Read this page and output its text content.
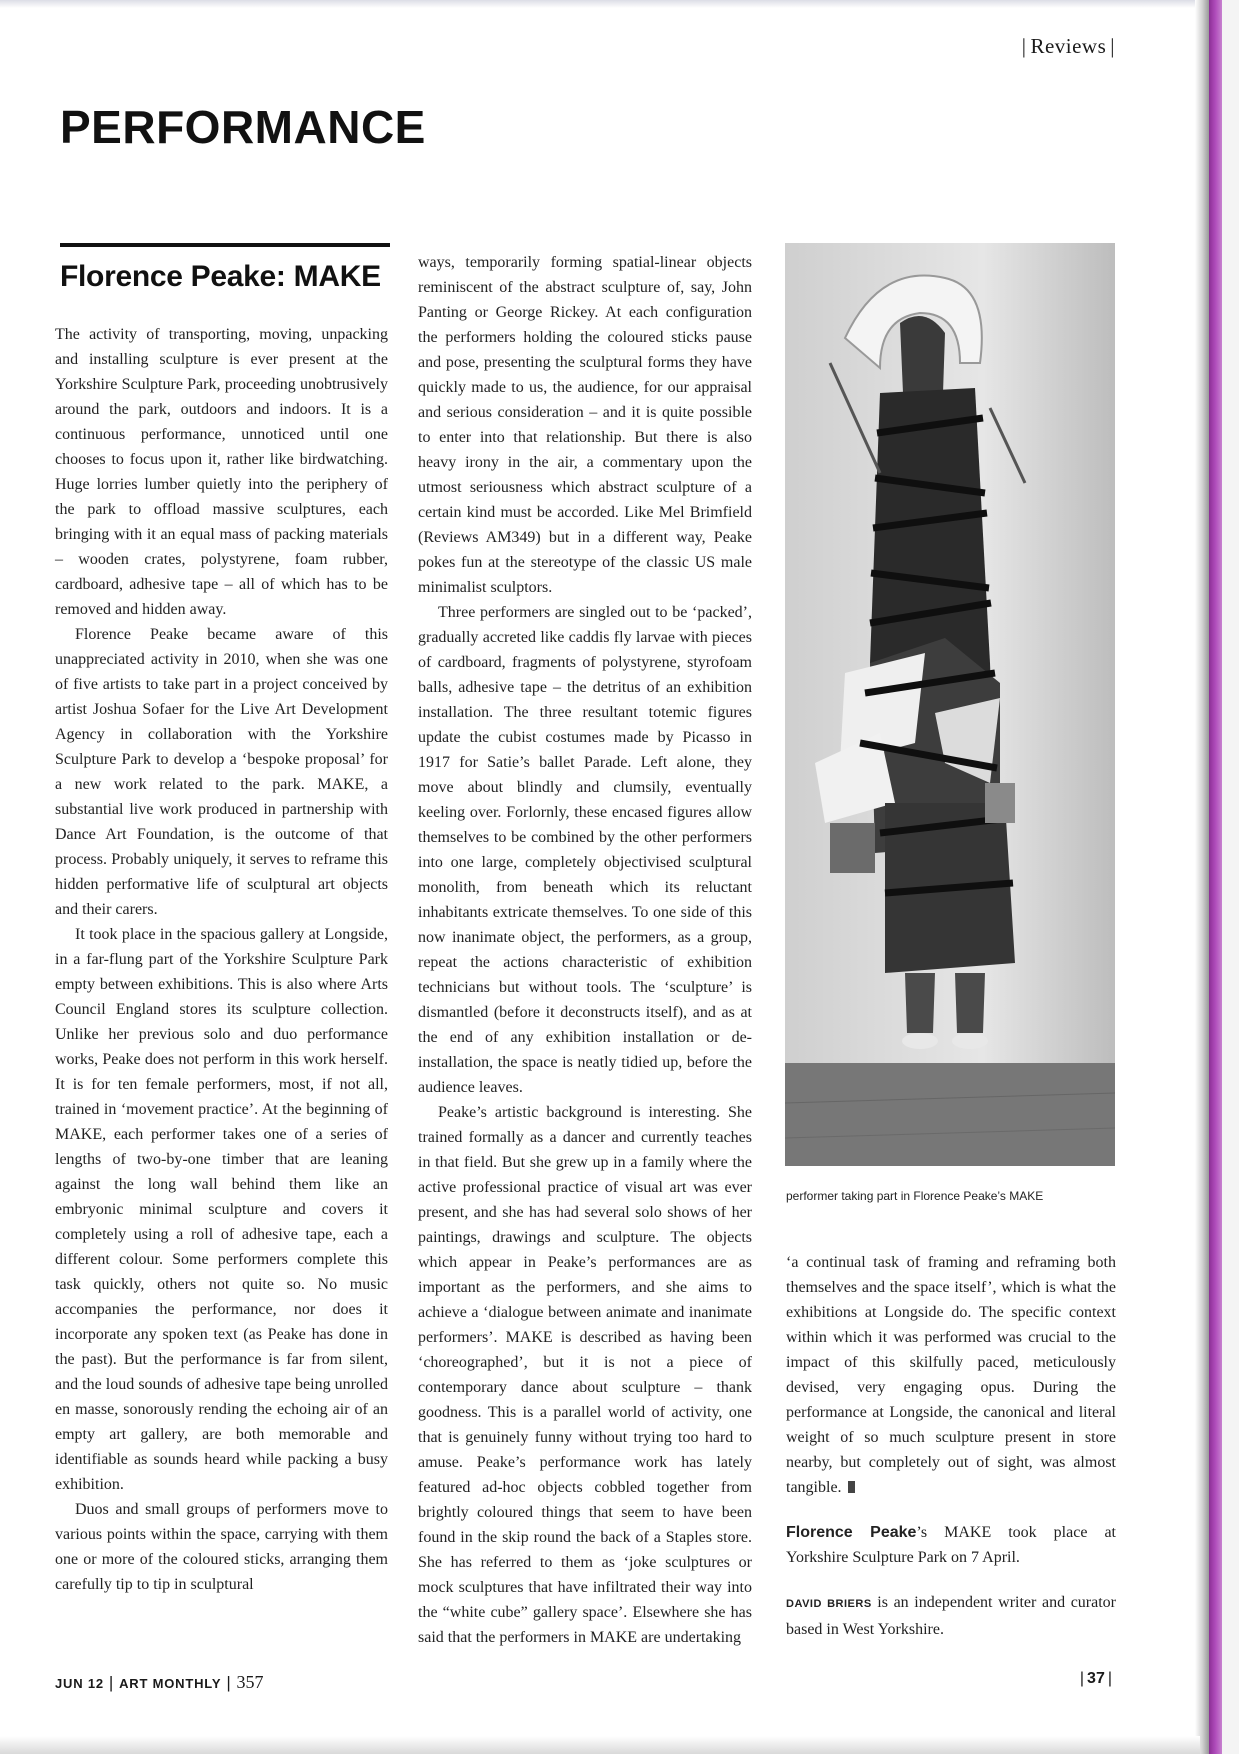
| Reviews |
PERFORMANCE
Florence Peake: MAKE

The activity of transporting, moving, unpacking and installing sculpture is ever present at the Yorkshire Sculpture Park, proceeding unobtrusively around the park, outdoors and indoors. It is a continuous performance, unnoticed until one chooses to focus upon it, rather like birdwatching. Huge lorries lumber quietly into the periphery of the park to offload massive sculptures, each bringing with it an equal mass of packing materials – wooden crates, polystyrene, foam rubber, cardboard, adhesive tape – all of which has to be removed and hidden away.

Florence Peake became aware of this unappreciated activity in 2010, when she was one of five artists to take part in a project conceived by artist Joshua Sofaer for the Live Art Development Agency in collaboration with the Yorkshire Sculpture Park to develop a ‘bespoke proposal’ for a new work related to the park. MAKE, a substantial live work produced in partnership with Dance Art Foundation, is the outcome of that process. Probably uniquely, it serves to reframe this hidden performative life of sculptural art objects and their carers.

It took place in the spacious gallery at Longside, in a far-flung part of the Yorkshire Sculpture Park empty between exhibitions. This is also where Arts Council England stores its sculpture collection. Unlike her previous solo and duo performance works, Peake does not perform in this work herself. It is for ten female performers, most, if not all, trained in ‘movement practice’. At the beginning of MAKE, each performer takes one of a series of lengths of two-by-one timber that are leaning against the long wall behind them like an embryonic minimal sculpture and covers it completely using a roll of adhesive tape, each a different colour. Some performers complete this task quickly, others not quite so. No music accompanies the performance, nor does it incorporate any spoken text (as Peake has done in the past). But the performance is far from silent, and the loud sounds of adhesive tape being unrolled en masse, sonorously rending the echoing air of an empty art gallery, are both memorable and identifiable as sounds heard while packing a busy exhibition.

Duos and small groups of performers move to various points within the space, carrying with them one or more of the coloured sticks, arranging them carefully tip to tip in sculptural

ways, temporarily forming spatial-linear objects reminiscent of the abstract sculpture of, say, John Panting or George Rickey. At each configuration the performers holding the coloured sticks pause and pose, presenting the sculptural forms they have quickly made to us, the audience, for our appraisal and serious consideration – and it is quite possible to enter into that relationship. But there is also heavy irony in the air, a commentary upon the utmost seriousness which abstract sculpture of a certain kind must be accorded. Like Mel Brimfield (Reviews AM349) but in a different way, Peake pokes fun at the stereotype of the classic US male minimalist sculptors.

Three performers are singled out to be ‘packed’, gradually accreted like caddis fly larvae with pieces of cardboard, fragments of polystyrene, styrofoam balls, adhesive tape – the detritus of an exhibition installation. The three resultant totemic figures update the cubist costumes made by Picasso in 1917 for Satie’s ballet Parade. Left alone, they move about blindly and clumsily, eventually keeling over. Forlornly, these encased figures allow themselves to be combined by the other performers into one large, completely objectivised sculptural monolith, from beneath which its reluctant inhabitants extricate themselves. To one side of this now inanimate object, the performers, as a group, repeat the actions characteristic of exhibition technicians but without tools. The ‘sculpture’ is dismantled (before it deconstructs itself), and as at the end of any exhibition installation or de-installation, the space is neatly tidied up, before the audience leaves.

Peake’s artistic background is interesting. She trained formally as a dancer and currently teaches in that field. But she grew up in a family where the active professional practice of visual art was ever present, and she has had several solo shows of her paintings, drawings and sculpture. The objects which appear in Peake’s performances are as important as the performers, and she aims to achieve a ‘dialogue between animate and inanimate performers’. MAKE is described as having been ‘choreographed’, but it is not a piece of contemporary dance about sculpture – thank goodness. This is a parallel world of activity, one that is genuinely funny without trying too hard to amuse. Peake’s performance work has lately featured ad-hoc objects cobbled together from brightly coloured things that seem to have been found in the skip round the back of a Staples store. She has referred to them as ‘joke sculptures or mock sculptures that have infiltrated their way into the “white cube” gallery space’. Elsewhere she has said that the performers in MAKE are undertaking

performer taking part in Florence Peake’s MAKE

‘a continual task of framing and reframing both themselves and the space itself’, which is what the exhibitions at Longside do. The specific context within which it was performed was crucial to the impact of this skilfully paced, meticulously devised, very engaging opus. During the performance at Longside, the canonical and literal weight of so much sculpture present in store nearby, but completely out of sight, was almost tangible.

Florence Peake’s MAKE took place at Yorkshire Sculpture Park on 7 April.

DAVID BRIERS is an independent writer and curator based in West Yorkshire.

JUN 12 | ART MONTHLY | 357	| 37 |
